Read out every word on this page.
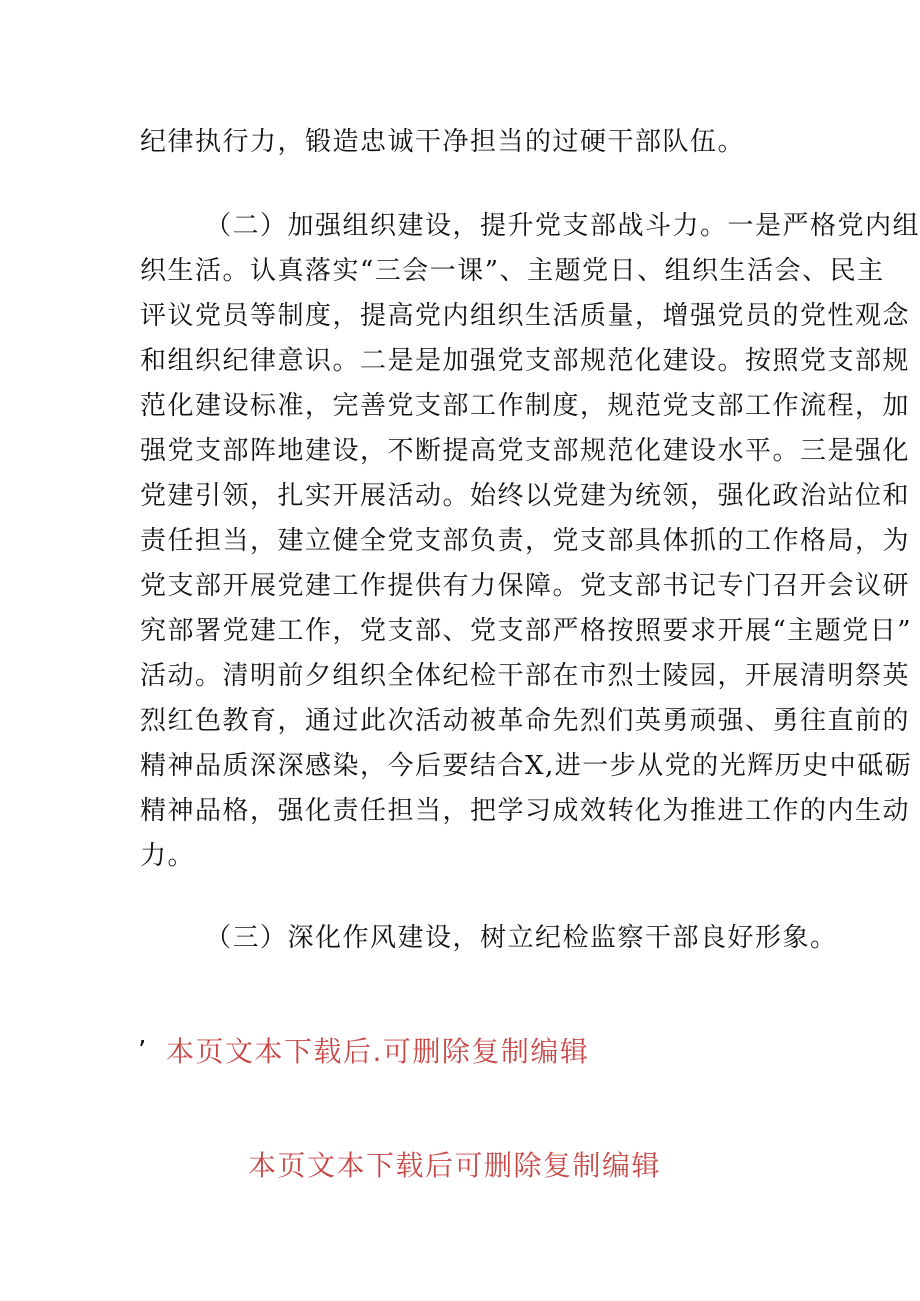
纪律执行力，锻造忠诚干净担当的过硬干部队伍。

（二）加强组织建设，提升党支部战斗力。一是严格党内组

织生活。认真落实“三会一课”、主题党日、组织生活会、民主

评议党员等制度，提高党内组织生活质量，增强党员的党性观念

和组织纪律意识。二是是加强党支部规范化建设。按照党支部规

范化建设标准，完善党支部工作制度，规范党支部工作流程，加

强党支部阵地建设，不断提高党支部规范化建设水平。三是强化

党建引领，扎实开展活动。始终以党建为统领，强化政治站位和

责任担当，建立健全党支部负责，党支部具体抓的工作格局，为

党支部开展党建工作提供有力保障。党支部书记专门召开会议研

究部署党建工作，党支部、党支部严格按照要求开展“主题党日”

活动。清明前夕组织全体纪检干部在市烈士陵园，开展清明祭英

烈红色教育，通过此次活动被革命先烈们英勇顽强、勇往直前的

精神品质深深感染，今后要结合X,进一步从党的光辉历史中砥砺

精神品格，强化责任担当，把学习成效转化为推进工作的内生动

力。

（三）深化作风建设，树立纪检监察干部良好形象。

’ 本页文本下载后.可删除复制编辑

本页文本下载后可删除复制编辑
